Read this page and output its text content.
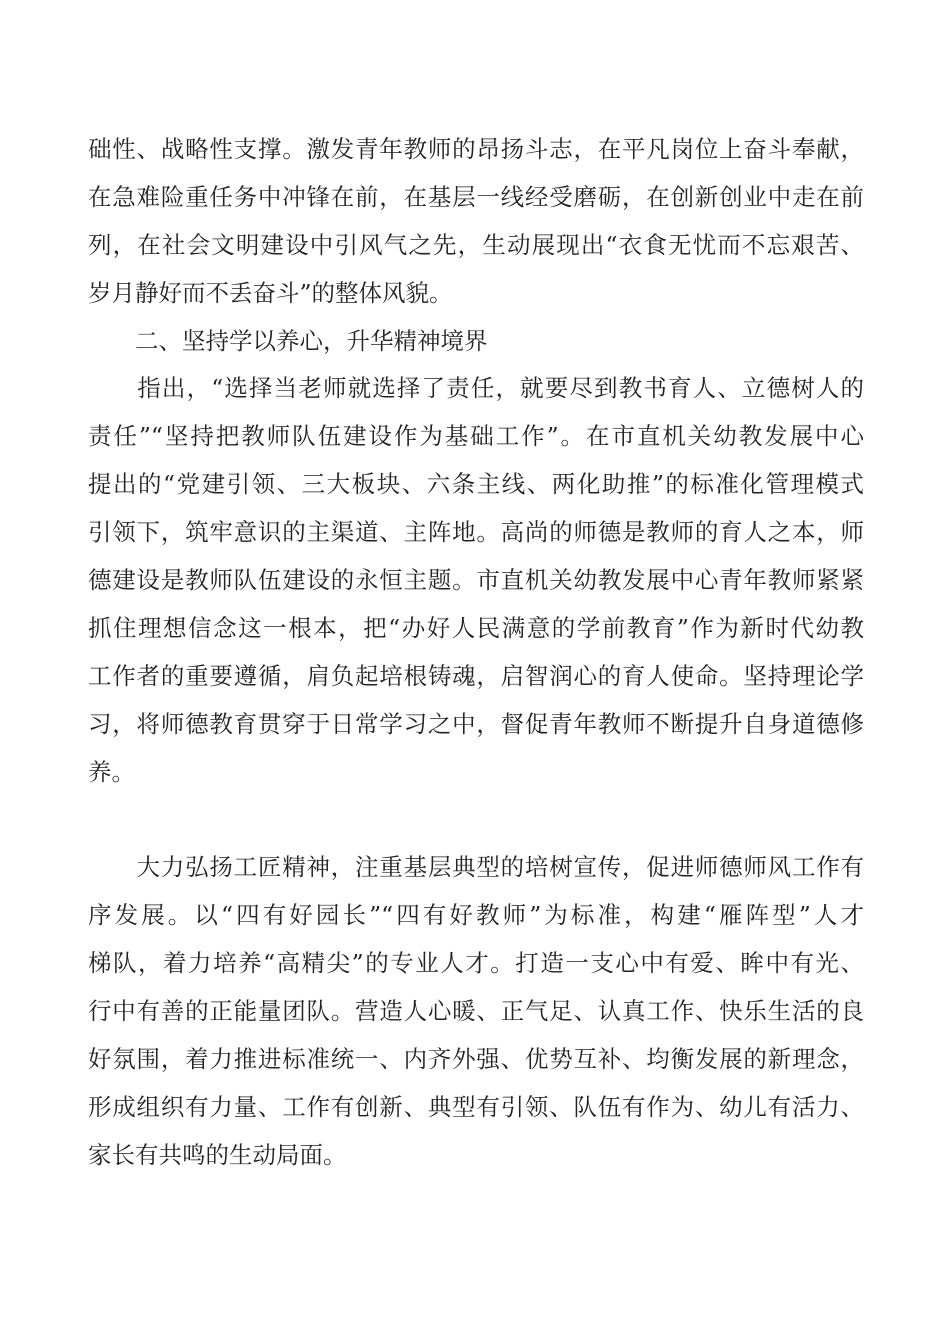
础性、战略性支撑。激发青年教师的昂扬斗志，在平凡岗位上奋斗奉献，
在急难险重任务中冲锋在前，在基层一线经受磨砺，在创新创业中走在前
列，在社会文明建设中引风气之先，生动展现出“衣食无忧而不忘艰苦、
岁月静好而不丢奋斗”的整体风貌。
　　二、坚持学以养心，升华精神境界
　　指出，“选择当老师就选择了责任，就要尽到教书育人、立德树人的
责任”“坚持把教师队伍建设作为基础工作”。在市直机关幼教发展中心
提出的“党建引领、三大板块、六条主线、两化助推”的标准化管理模式
引领下，筑牢意识的主渠道、主阵地。高尚的师德是教师的育人之本，师
德建设是教师队伍建设的永恒主题。市直机关幼教发展中心青年教师紧紧
抓住理想信念这一根本，把“办好人民满意的学前教育”作为新时代幼教
工作者的重要遵循，肩负起培根铸魂，启智润心的育人使命。坚持理论学
习，将师德教育贯穿于日常学习之中，督促青年教师不断提升自身道德修
养。
　　大力弘扬工匠精神，注重基层典型的培树宣传，促进师德师风工作有
序发展。以“四有好园长”“四有好教师”为标准，构建“雁阵型”人才
梯队，着力培养“高精尖”的专业人才。打造一支心中有爱、眸中有光、
行中有善的正能量团队。营造人心暖、正气足、认真工作、快乐生活的良
好氛围，着力推进标准统一、内齐外强、优势互补、均衡发展的新理念，
形成组织有力量、工作有创新、典型有引领、队伍有作为、幼儿有活力、
家长有共鸣的生动局面。
